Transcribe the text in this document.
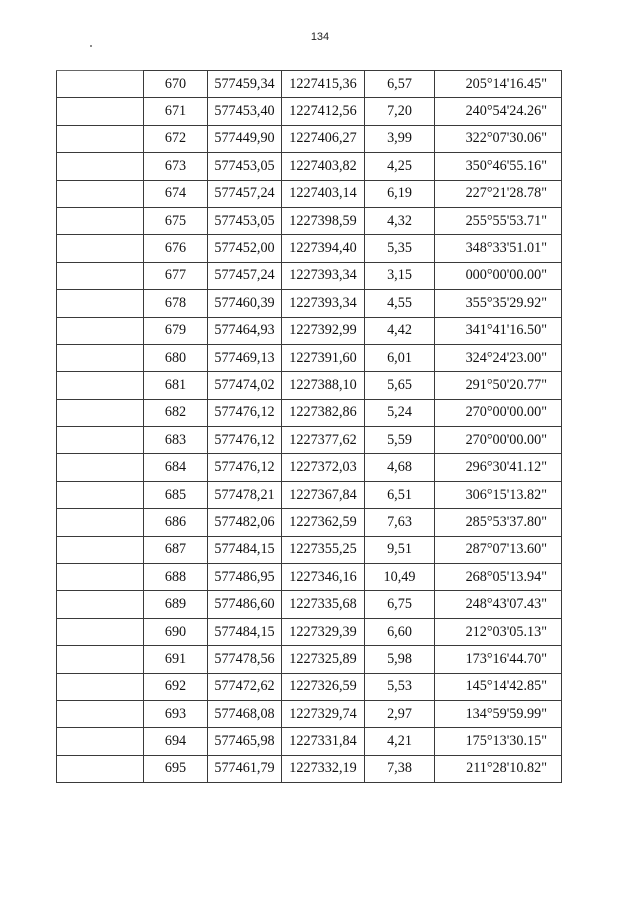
134
	670	577459,34	1227415,36	6,57	205°14'16.45"
	671	577453,40	1227412,56	7,20	240°54'24.26"
	672	577449,90	1227406,27	3,99	322°07'30.06"
	673	577453,05	1227403,82	4,25	350°46'55.16"
	674	577457,24	1227403,14	6,19	227°21'28.78"
	675	577453,05	1227398,59	4,32	255°55'53.71"
	676	577452,00	1227394,40	5,35	348°33'51.01"
	677	577457,24	1227393,34	3,15	000°00'00.00"
	678	577460,39	1227393,34	4,55	355°35'29.92"
	679	577464,93	1227392,99	4,42	341°41'16.50"
	680	577469,13	1227391,60	6,01	324°24'23.00"
	681	577474,02	1227388,10	5,65	291°50'20.77"
	682	577476,12	1227382,86	5,24	270°00'00.00"
	683	577476,12	1227377,62	5,59	270°00'00.00"
	684	577476,12	1227372,03	4,68	296°30'41.12"
	685	577478,21	1227367,84	6,51	306°15'13.82"
	686	577482,06	1227362,59	7,63	285°53'37.80"
	687	577484,15	1227355,25	9,51	287°07'13.60"
	688	577486,95	1227346,16	10,49	268°05'13.94"
	689	577486,60	1227335,68	6,75	248°43'07.43"
	690	577484,15	1227329,39	6,60	212°03'05.13"
	691	577478,56	1227325,89	5,98	173°16'44.70"
	692	577472,62	1227326,59	5,53	145°14'42.85"
	693	577468,08	1227329,74	2,97	134°59'59.99"
	694	577465,98	1227331,84	4,21	175°13'30.15"
	695	577461,79	1227332,19	7,38	211°28'10.82"
